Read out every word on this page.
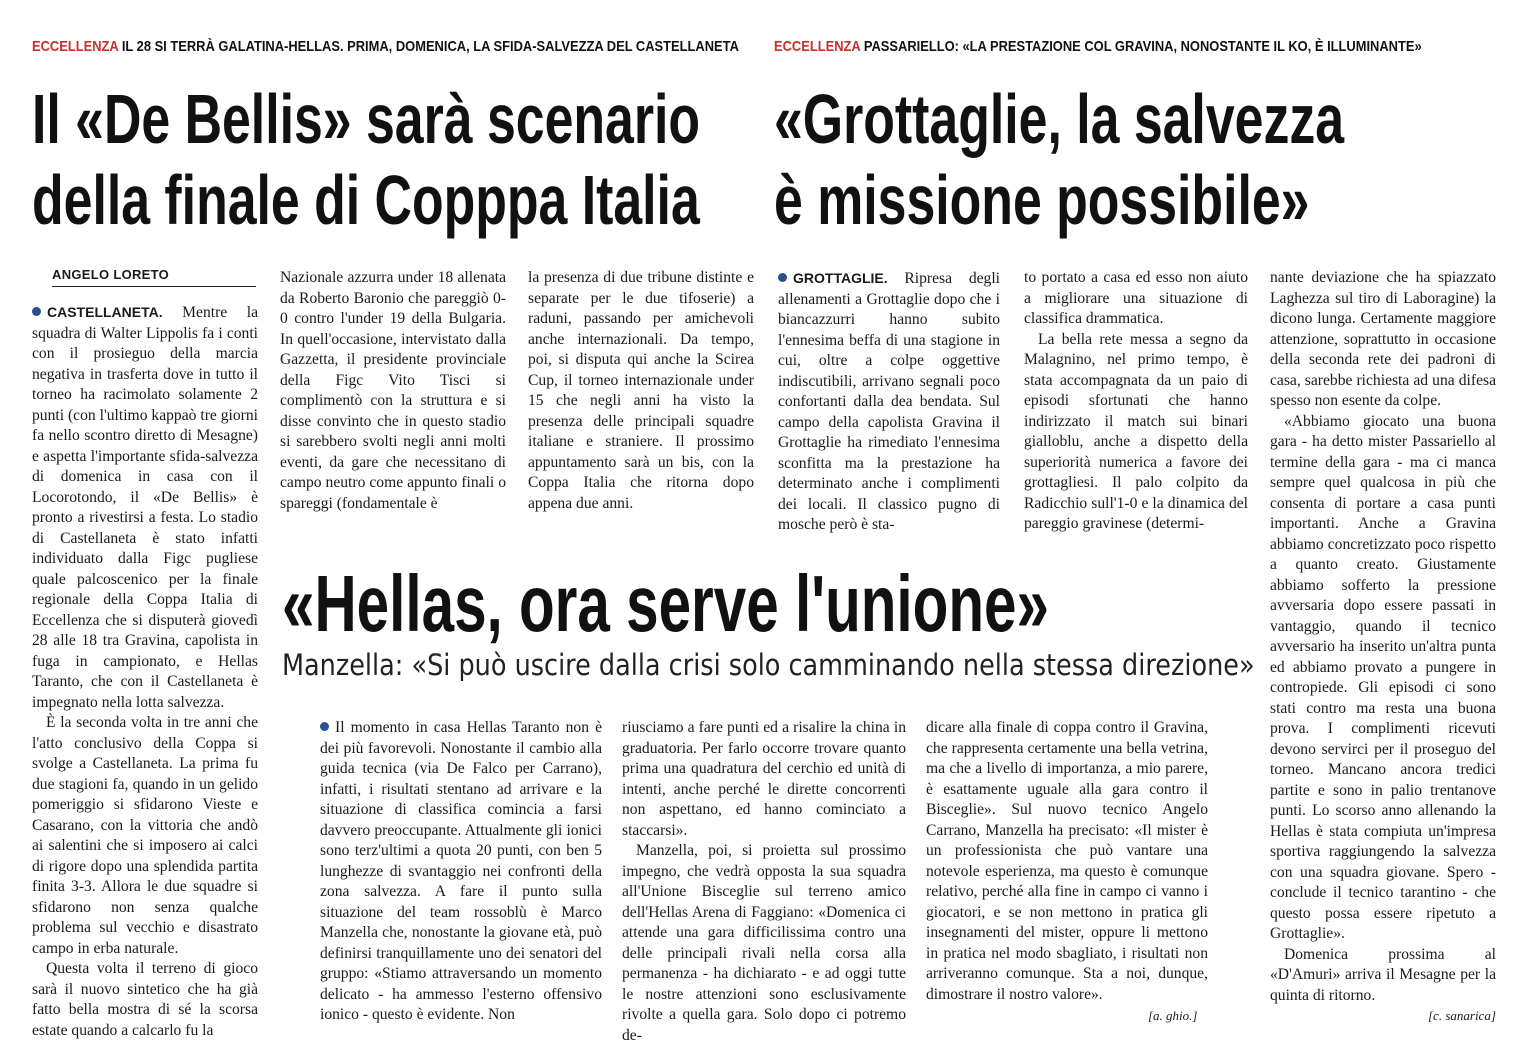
ECCELLENZA IL 28 SI TERRÀ GALATINA-HELLAS. PRIMA, DOMENICA, LA SFIDA-SALVEZZA DEL CASTELLANETA
Il «De Bellis» sarà scenario
della finale di Copppa Italia
ANGELO LORETO

CASTELLANETA. Mentre la squadra di Walter Lippolis fa i conti con il prosieguo della marcia negativa in trasferta dove in tutto il torneo ha racimolato solamente 2 punti (con l'ultimo kappaò tre giorni fa nello scontro diretto di Mesagne) e aspetta l'importante sfida-salvezza di domenica in casa con il Locorotondo, il «De Bellis» è pronto a rivestirsi a festa. Lo stadio di Castellaneta è stato infatti individuato dalla Figc pugliese quale palcoscenico per la finale regionale della Coppa Italia di Eccellenza che si disputerà giovedì 28 alle 18 tra Gravina, capolista in fuga in campionato, e Hellas Taranto, che con il Castellaneta è impegnato nella lotta salvezza.

È la seconda volta in tre anni che l'atto conclusivo della Coppa si svolge a Castellaneta. La prima fu due stagioni fa, quando in un gelido pomeriggio si sfidarono Vieste e Casarano, con la vittoria che andò ai salentini che si imposero ai calci di rigore dopo una splendida partita finita 3-3. Allora le due squadre si sfidarono non senza qualche problema sul vecchio e disastrato campo in erba naturale.

Questa volta il terreno di gioco sarà il nuovo sintetico che ha già fatto bella mostra di sé la scorsa estate quando a calcarlo fu la

Nazionale azzurra under 18 allenata da Roberto Baronio che pareggiò 0-0 contro l'under 19 della Bulgaria. In quell'occasione, intervistato dalla Gazzetta, il presidente provinciale della Figc Vito Tisci si complimentò con la struttura e si disse convinto che in questo stadio si sarebbero svolti negli anni molti eventi, da gare che necessitano di campo neutro come appunto finali o spareggi (fondamentale è

la presenza di due tribune distinte e separate per le due tifoserie) a raduni, passando per amichevoli anche internazionali. Da tempo, poi, si disputa qui anche la Scirea Cup, il torneo internazionale under 15 che negli anni ha visto la presenza delle principali squadre italiane e straniere. Il prossimo appuntamento sarà un bis, con la Coppa Italia che ritorna dopo appena due anni.

ECCELLENZA PASSARIELLO: «LA PRESTAZIONE COL GRAVINA, NONOSTANTE IL KO, È ILLUMINANTE»
«Grottaglie, la salvezza
è missione possibile»

GROTTAGLIE. Ripresa degli allenamenti a Grottaglie dopo che i biancazzurri hanno subito l'ennesima beffa di una stagione in cui, oltre a colpe oggettive indiscutibili, arrivano segnali poco confortanti dalla dea bendata. Sul campo della capolista Gravina il Grottaglie ha rimediato l'ennesima sconfitta ma la prestazione ha determinato anche i complimenti dei locali. Il classico pugno di mosche però è sta-

to portato a casa ed esso non aiuto a migliorare una situazione di classifica drammatica.

La bella rete messa a segno da Malagnino, nel primo tempo, è stata accompagnata da un paio di episodi sfortunati che hanno indirizzato il match sui binari gialloblu, anche a dispetto della superiorità numerica a favore dei grottagliesi. Il palo colpito da Radicchio sull'1-0 e la dinamica del pareggio gravinese (determi-

nante deviazione che ha spiazzato Laghezza sul tiro di Laboragine) la dicono lunga. Certamente maggiore attenzione, soprattutto in occasione della seconda rete dei padroni di casa, sarebbe richiesta ad una difesa spesso non esente da colpe.

«Abbiamo giocato una buona gara - ha detto mister Passariello al termine della gara - ma ci manca sempre quel qualcosa in più che consenta di portare a casa punti importanti. Anche a Gravina abbiamo concretizzato poco rispetto a quanto creato. Giustamente abbiamo sofferto la pressione avversaria dopo essere passati in vantaggio, quando il tecnico avversario ha inserito un'altra punta ed abbiamo provato a pungere in contropiede. Gli episodi ci sono stati contro ma resta una buona prova. I complimenti ricevuti devono servirci per il proseguo del torneo. Mancano ancora tredici partite e sono in palio trentanove punti. Lo scorso anno allenando la Hellas è stata compiuta un'impresa sportiva raggiungendo la salvezza con una squadra giovane. Spero - conclude il tecnico tarantino - che questo possa essere ripetuto a Grottaglie».

Domenica prossima al «D'Amuri» arriva il Mesagne per la quinta di ritorno.

[c. sanarica]
«Hellas, ora serve l'unione»
Manzella: «Si può uscire dalla crisi solo camminando nella stessa direzione»

Il momento in casa Hellas Taranto non è dei più favorevoli. Nonostante il cambio alla guida tecnica (via De Falco per Carrano), infatti, i risultati stentano ad arrivare e la situazione di classifica comincia a farsi davvero preoccupante. Attualmente gli ionici sono terz'ultimi a quota 20 punti, con ben 5 lunghezze di svantaggio nei confronti della zona salvezza. A fare il punto sulla situazione del team rossoblù è Marco Manzella che, nonostante la giovane età, può definirsi tranquillamente uno dei senatori del gruppo: «Stiamo attraversando un momento delicato - ha ammesso l'esterno offensivo ionico - questo è evidente. Non

riusciamo a fare punti ed a risalire la china in graduatoria. Per farlo occorre trovare quanto prima una quadratura del cerchio ed unità di intenti, anche perché le dirette concorrenti non aspettano, ed hanno cominciato a staccarsi».

Manzella, poi, si proietta sul prossimo impegno, che vedrà opposta la sua squadra all'Unione Bisceglie sul terreno amico dell'Hellas Arena di Faggiano: «Domenica ci attende una gara difficilissima contro una delle principali rivali nella corsa alla permanenza - ha dichiarato - e ad oggi tutte le nostre attenzioni sono esclusivamente rivolte a quella gara. Solo dopo ci potremo de-

dicare alla finale di coppa contro il Gravina, che rappresenta certamente una bella vetrina, ma che a livello di importanza, a mio parere, è esattamente uguale alla gara contro il Bisceglie». Sul nuovo tecnico Angelo Carrano, Manzella ha precisato: «Il mister è un professionista che può vantare una notevole esperienza, ma questo è comunque relativo, perché alla fine in campo ci vanno i giocatori, e se non mettono in pratica gli insegnamenti del mister, oppure li mettono in pratica nel modo sbagliato, i risultati non arriveranno comunque. Sta a noi, dunque, dimostrare il nostro valore».

[a. ghio.]
